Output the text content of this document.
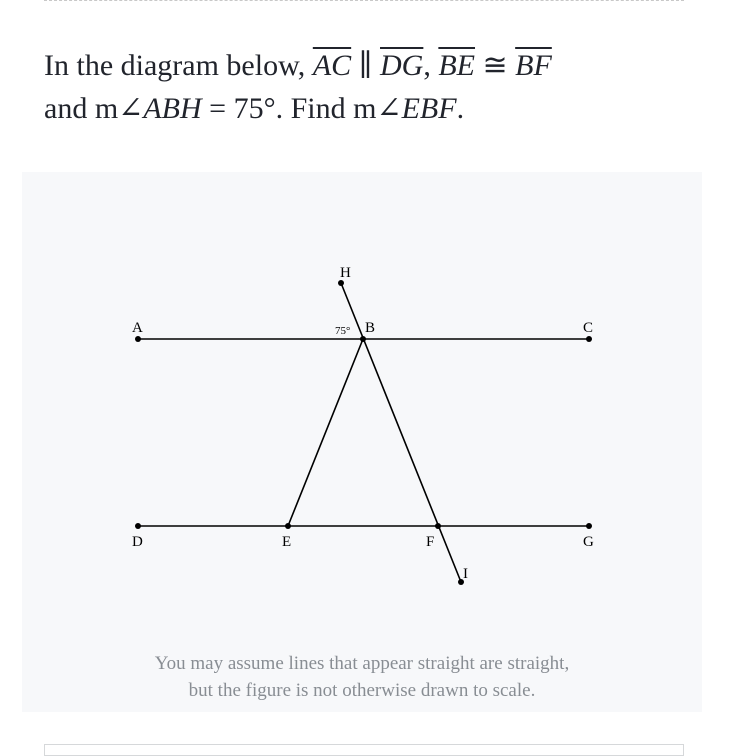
In the diagram below, $\overline{AC}$ ∥ $\overline{DG}$, $\overline{BE}$ ≅ $\overline{BF}$
and m∠ABH = 75°. Find m∠EBF.
H
A	B	C
75°
D	E	F	G
I
You may assume lines that appear straight are straight,
but the figure is not otherwise drawn to scale.
